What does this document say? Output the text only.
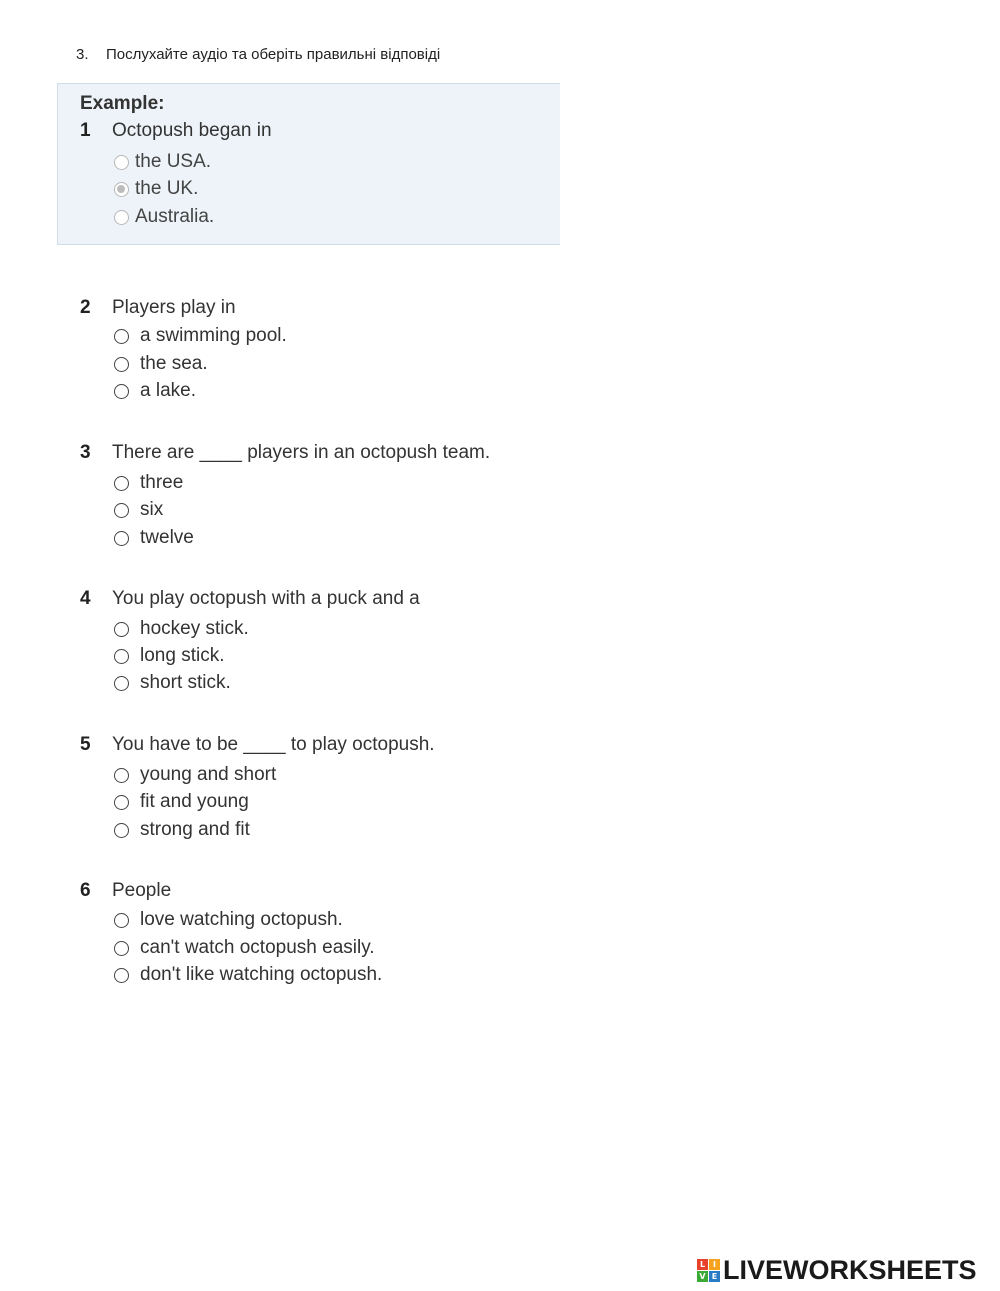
3. Послухайте аудіо та оберіть правильні відповіді
Example:
1 Octopush began in
the USA.
the UK.
Australia.
2 Players play in
a swimming pool.
the sea.
a lake.
3 There are ____ players in an octopush team.
three
six
twelve
4 You play octopush with a puck and a
hockey stick.
long stick.
short stick.
5 You have to be ____ to play octopush.
young and short
fit and young
strong and fit
6 People
love watching octopush.
can't watch octopush easily.
don't like watching octopush.
L I
V E LIVEWORKSHEETS
